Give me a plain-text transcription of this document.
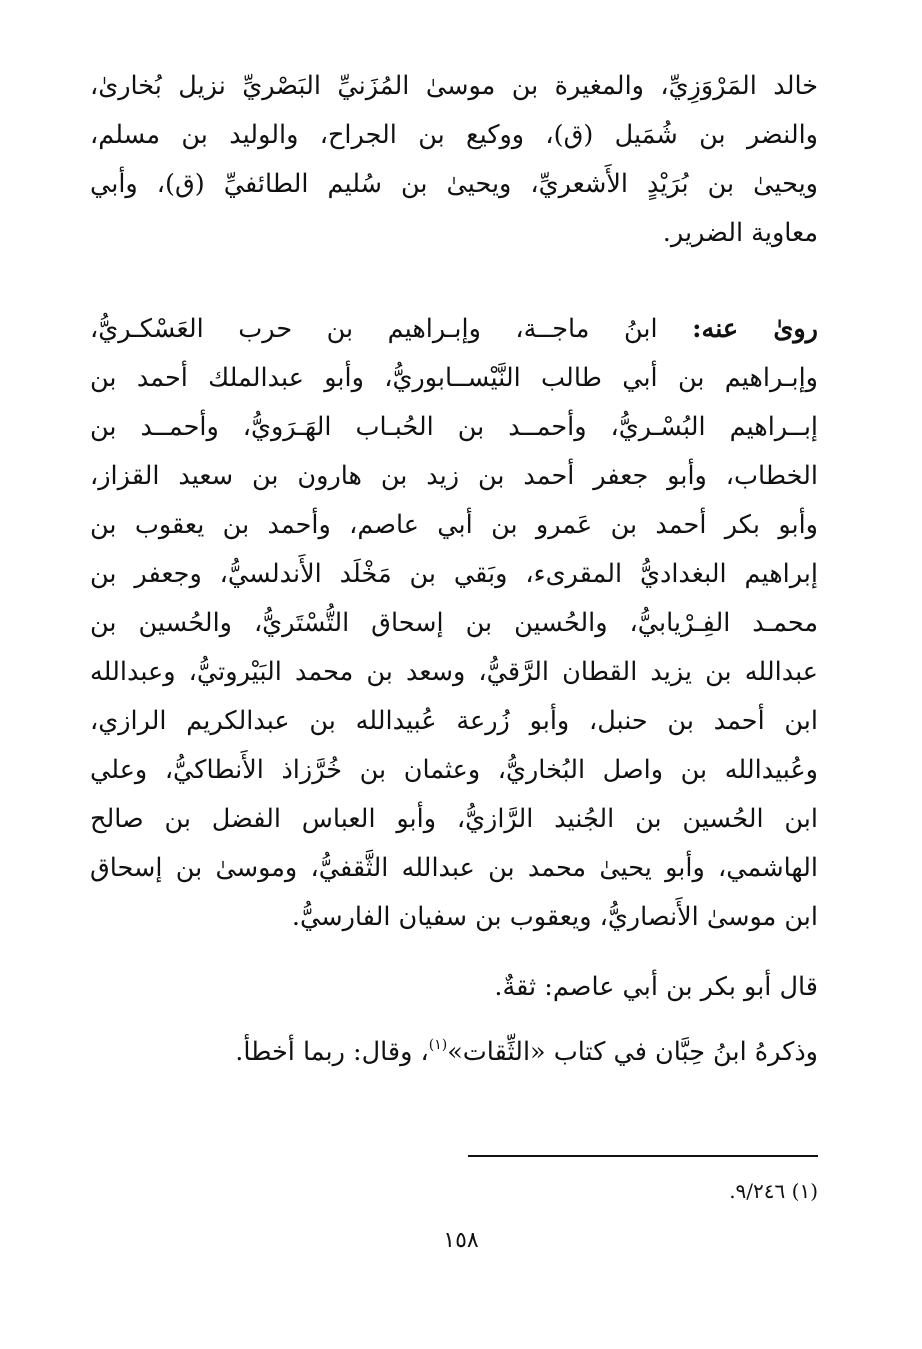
خالد المَرْوَزِيِّ، والمغيرة بن موسىٰ المُزَنيِّ البَصْريِّ نزيل بُخارىٰ،
والنضر بن شُمَيل (ق)، ووكيع بن الجراح، والوليد بن مسلم،
ويحيىٰ بن بُرَيْدٍ الأَشعريِّ، ويحيىٰ بن سُليم الطائفيِّ (ق)، وأبي
معاوية الضرير.
روىٰ عنه: ابنُ ماجــة، وإبـراهيم بن حرب العَسْكـريُّ،
وإبـراهيم بن أبي طالب النَّيْســابوريُّ، وأبو عبدالملك أحمد بن
إبــراهيم البُسْـريُّ، وأحمــد بن الحُبـاب الهَـرَويُّ، وأحمــد بن
الخطاب، وأبو جعفر أحمد بن زيد بن هارون بن سعيد القزاز،
وأبو بكر أحمد بن عَمرو بن أبي عاصم، وأحمد بن يعقوب بن
إبراهيم البغداديُّ المقرىء، وبَقي بن مَخْلَد الأَندلسيُّ، وجعفر بن
محمـد الفِـرْيابيُّ، والحُسين بن إسحاق التُّسْتَريُّ، والحُسين بن
عبدالله بن يزيد القطان الرَّقيُّ، وسعد بن محمد البَيْروتيُّ، وعبدالله
ابن أحمد بن حنبل، وأبو زُرعة عُبيدالله بن عبدالكريم الرازي،
وعُبيدالله بن واصل البُخاريُّ، وعثمان بن خُرَّزاذ الأَنطاكيُّ، وعلي
ابن الحُسين بن الجُنيد الرَّازيُّ، وأبو العباس الفضل بن صالح
الهاشمي، وأبو يحيىٰ محمد بن عبدالله الثَّقفيُّ، وموسىٰ بن إسحاق
ابن موسىٰ الأَنصاريُّ، ويعقوب بن سفيان الفارسيُّ.
قال أبو بكر بن أبي عاصم: ثقةٌ.
وذكرهُ ابنُ حِبَّان في كتاب «الثِّقات»$^{(١)}$، وقال: ربما أخطأ.
(١) ٩/٢٤٦.
١٥٨
